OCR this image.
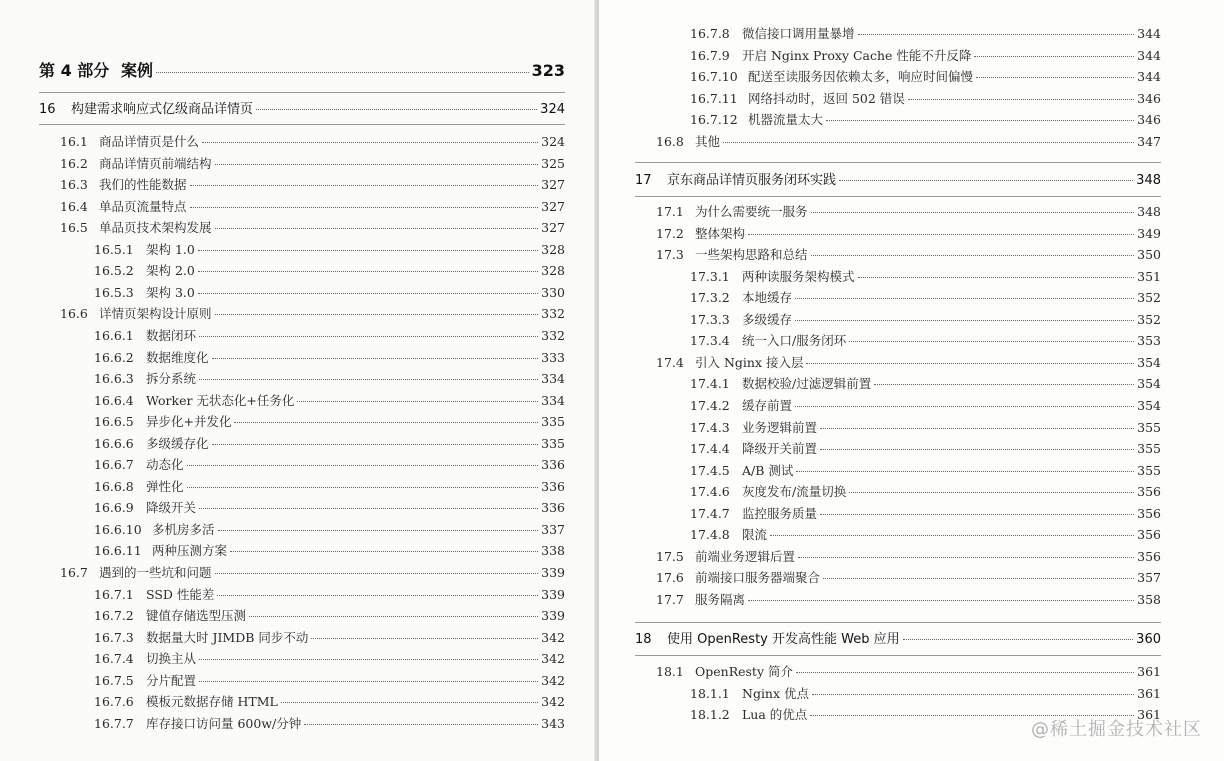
第 4 部分 案例	323
16	构建需求响应式亿级商品详情页	324
16.1 商品详情页是什么	324
16.2 商品详情页前端结构	325
16.3 我们的性能数据	327
16.4 单品页流量特点	327
16.5 单品页技术架构发展	327
16.5.1 架构 1.0	328
16.5.2 架构 2.0	328
16.5.3 架构 3.0	330
16.6 详情页架构设计原则	332
16.6.1 数据闭环	332
16.6.2 数据维度化	333
16.6.3 拆分系统	334
16.6.4 Worker 无状态化+任务化	334
16.6.5 异步化+并发化	335
16.6.6 多级缓存化	335
16.6.7 动态化	336
16.6.8 弹性化	336
16.6.9 降级开关	336
16.6.10 多机房多活	337
16.6.11 两种压测方案	338
16.7 遇到的一些坑和问题	339
16.7.1 SSD 性能差	339
16.7.2 键值存储选型压测	339
16.7.3 数据量大时 JIMDB 同步不动	342
16.7.4 切换主从	342
16.7.5 分片配置	342
16.7.6 模板元数据存储 HTML	342
16.7.7 库存接口访问量 600w/分钟	343
16.7.8 微信接口调用量暴增	344
16.7.9 开启 Nginx Proxy Cache 性能不升反降	344
16.7.10 配送至读服务因依赖太多，响应时间偏慢	344
16.7.11 网络抖动时，返回 502 错误	346
16.7.12 机器流量太大	346
16.8 其他	347
17	京东商品详情页服务闭环实践	348
17.1 为什么需要统一服务	348
17.2 整体架构	349
17.3 一些架构思路和总结	350
17.3.1 两种读服务架构模式	351
17.3.2 本地缓存	352
17.3.3 多级缓存	352
17.3.4 统一入口/服务闭环	353
17.4 引入 Nginx 接入层	354
17.4.1 数据校验/过滤逻辑前置	354
17.4.2 缓存前置	354
17.4.3 业务逻辑前置	355
17.4.4 降级开关前置	355
17.4.5 A/B 测试	355
17.4.6 灰度发布/流量切换	356
17.4.7 监控服务质量	356
17.4.8 限流	356
17.5 前端业务逻辑后置	356
17.6 前端接口服务器端聚合	357
17.7 服务隔离	358
18	使用 OpenResty 开发高性能 Web 应用	360
18.1 OpenResty 简介	361
18.1.1 Nginx 优点	361
18.1.2 Lua 的优点	361
@稀土掘金技术社区
